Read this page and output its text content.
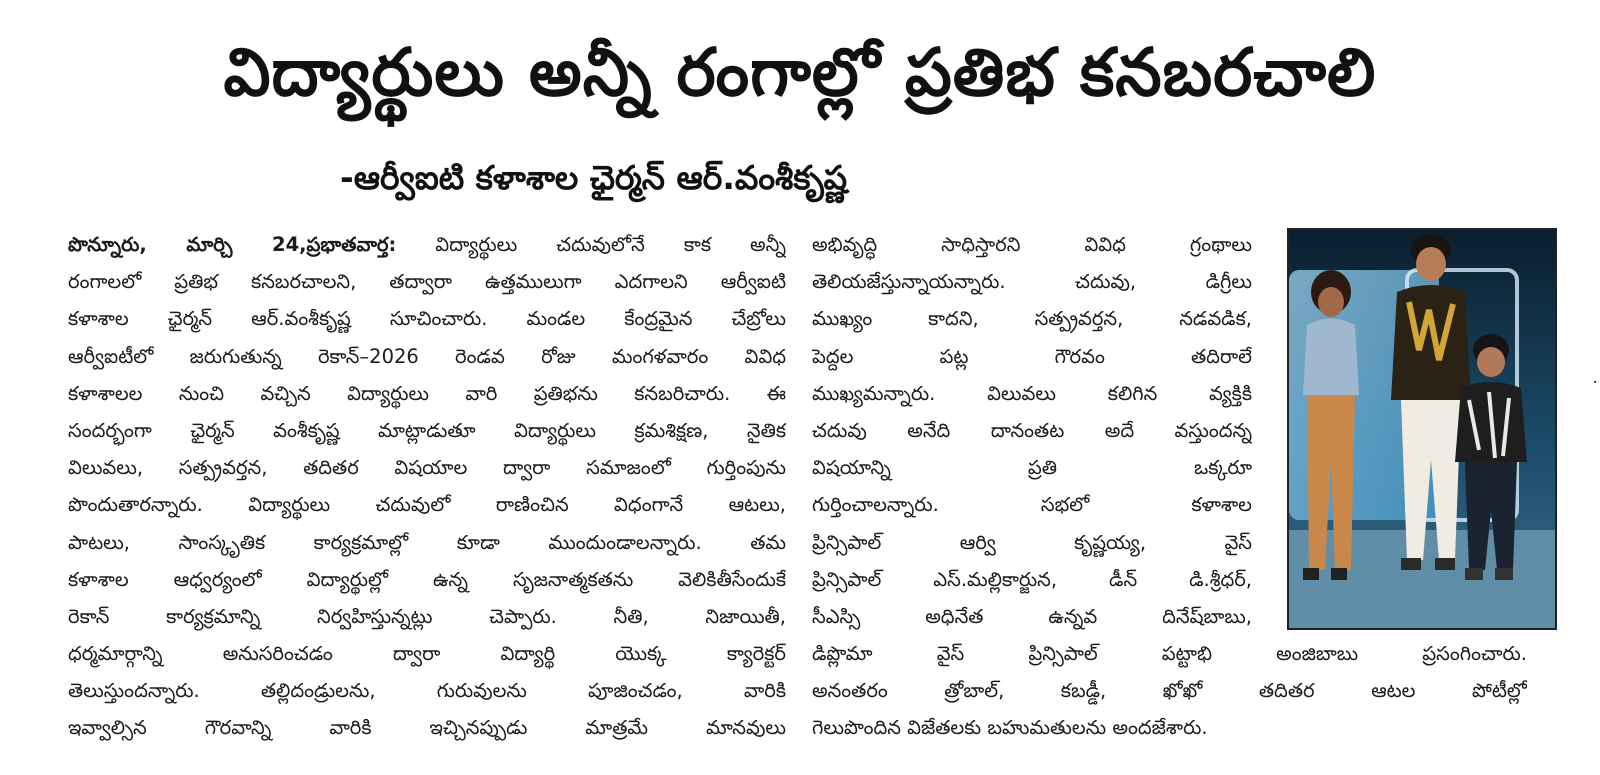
విద్యార్థులు అన్నీ రంగాల్లో ప్రతిభ కనబరచాలి
-ఆర్వీఐటి కళాశాల ఛైర్మన్ ఆర్.వంశీకృష్ణ
పొన్నూరు, మార్చి 24,ప్రభాతవార్త: విద్యార్థులు చదువులోనే కాక అన్నీ
రంగాలలో ప్రతిభ కనబరచాలని, తద్వారా ఉత్తములుగా ఎదగాలని ఆర్వీఐటి
కళాశాల ఛైర్మన్ ఆర్.వంశీకృష్ణ సూచించారు. మండల కేంద్రమైన చేబ్రోలు
ఆర్వీఐటీలో జరుగుతున్న రెకాన్–2026 రెండవ రోజు మంగళవారం వివిధ
కళాశాలల నుంచి వచ్చిన విద్యార్థులు వారి ప్రతిభను కనబరిచారు. ఈ
సందర్భంగా ఛైర్మన్ వంశీకృష్ణ మాట్లాడుతూ విద్యార్థులు క్రమశిక్షణ, నైతిక
విలువలు, సత్ప్రవర్తన, తదితర విషయాల ద్వారా సమాజంలో గుర్తింపును
పొందుతారన్నారు. విద్యార్థులు చదువులో రాణించిన విధంగానే ఆటలు,
పాటలు, సాంస్కృతిక కార్యక్రమాల్లో కూడా ముందుండాలన్నారు. తమ
కళాశాల ఆధ్వర్యంలో విద్యార్థుల్లో ఉన్న సృజనాత్మకతను వెలికితీసేందుకే
రెకాన్ కార్యక్రమాన్ని నిర్వహిస్తున్నట్లు చెప్పారు. నీతి, నిజాయితీ,
ధర్మమార్గాన్ని అనుసరించడం ద్వారా విద్యార్థి యొక్క క్యారెక్టర్
తెలుస్తుందన్నారు. తల్లిదండ్రులను, గురువులను పూజించడం, వారికి
ఇవ్వాల్సిన గౌరవాన్ని వారికి ఇచ్చినప్పుడు మాత్రమే మానవులు
అభివృద్ధి సాధిస్తారని వివిధ గ్రంథాలు
తెలియజేస్తున్నాయన్నారు. చదువు, డిగ్రీలు
ముఖ్యం కాదని, సత్ప్రవర్తన, నడవడిక,
పెద్దల పట్ల గౌరవం తదిరాలే
ముఖ్యమన్నారు. విలువలు కలిగిన వ్యక్తికి
చదువు అనేది దానంతట అదే వస్తుందన్న
విషయాన్ని ప్రతి ఒక్కరూ
గుర్తించాలన్నారు. సభలో కళాశాల
ప్రిన్సిపాల్ ఆర్వి కృష్ణయ్య, వైస్
ప్రిన్సిపాల్ ఎస్.మల్లికార్జున, డీన్ డి.శ్రీధర్,
సీఎస్సి అధినేత ఉన్నవ దినేష్‌బాబు,
డిప్లొమా వైస్ ప్రిన్సిపాల్ పట్టాభి అంజిబాబు ప్రసంగించారు.
అనంతరం త్రోబాల్, కబడ్డీ, ఖోఖో తదితర ఆటల పోటీల్లో
గెలుపొందిన విజేతలకు బహుమతులను అందజేశారు.
·
